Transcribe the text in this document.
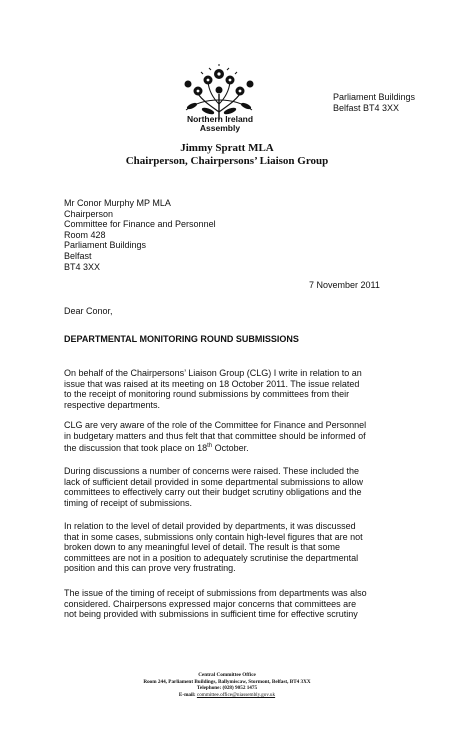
Northern Ireland
Assembly
Parliament Buildings
Belfast BT4 3XX
Jimmy Spratt MLA
Chairperson, Chairpersons’ Liaison Group
Mr Conor Murphy MP MLA
Chairperson
Committee for Finance and Personnel
Room 428
Parliament Buildings
Belfast
BT4 3XX
7 November 2011
Dear Conor,
DEPARTMENTAL MONITORING ROUND SUBMISSIONS
On behalf of the Chairpersons’ Liaison Group (CLG) I write in relation to an
issue that was raised at its meeting on 18 October 2011. The issue related
to the receipt of monitoring round submissions by committees from their
respective departments.
CLG are very aware of the role of the Committee for Finance and Personnel
in budgetary matters and thus felt that that committee should be informed of
the discussion that took place on 18th October.
During discussions a number of concerns were raised. These included the
lack of sufficient detail provided in some departmental submissions to allow
committees to effectively carry out their budget scrutiny obligations and the
timing of receipt of submissions.
In relation to the level of detail provided by departments, it was discussed
that in some cases, submissions only contain high-level figures that are not
broken down to any meaningful level of detail. The result is that some
committees are not in a position to adequately scrutinise the departmental
position and this can prove very frustrating.
The issue of the timing of receipt of submissions from departments was also
considered. Chairpersons expressed major concerns that committees are
not being provided with submissions in sufficient time for effective scrutiny
Central Committee Office
Room 244, Parliament Buildings, Ballymiscaw, Stormont, Belfast, BT4 3XX
Telephone: (028) 9052 1475
E-mail: committee.office@niassembly.gov.uk
